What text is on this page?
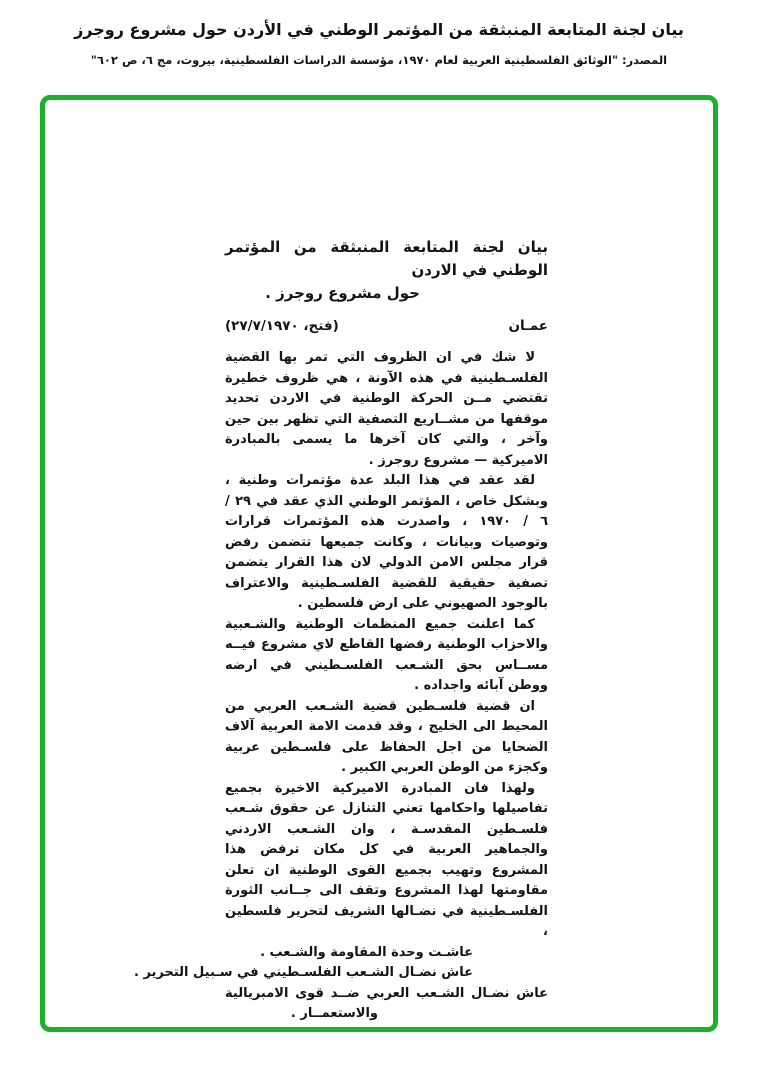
بيان لجنة المتابعة المنبثقة من المؤتمر الوطني في الأردن حول مشروع روجرز
المصدر: "الوثائق الفلسطينية العربية لعام ١٩٧٠، مؤسسة الدراسات الفلسطينية، بيروت، مج ٦، ص ٦٠٢"
بيان لجنة المتابعة المنبثقة من المؤتمر الوطني في الاردن
حول مشروع روجرز .
عمـان
(فتح، ٢٧/٧/١٩٧٠)

لا شك في ان الظروف التي تمر بها القضية الفلسـطينية في هذه الآونة ، هي ظروف خطيرة تقتضي مــن الحركة الوطنية في الاردن تحديد موقفها من مشــاريع التصفية التي تظهر بين حين وآخر ، والتي كان آخرها ما يسمى بالمبادرة الاميركية — مشروع روجرز .

لقد عقد في هذا البلد عدة مؤتمرات وطنية ، وبشكل خاص ، المؤتمر الوطني الذي عقد في ٢٩ / ٦ / ١٩٧٠ ، واصدرت هذه المؤتمرات قرارات وتوصيات وبيانات ، وكانت جميعها تتضمن رفض قرار مجلس الامن الدولي لان هذا القرار يتضمن تصفية حقيقية للقضية الفلسـطينية والاعتراف بالوجود الصهيوني على ارض فلسطين .

كما اعلنت جميع المنظمات الوطنية والشـعبية والاحزاب الوطنية رفضها القاطع لاي مشروع فيــه مســاس بحق الشـعب الفلسـطيني في ارضه ووطن آبائه واجداده .

ان قضية فلسـطين قضية الشـعب العربي من المحيط الى الخليج ، وقد قدمت الامة العربية آلاف الضحايا من اجل الحفاظ على فلسـطين عربية وكجزء من الوطن العربي الكبير .

ولهذا فان المبادرة الاميركية الاخيرة بجميع تفاصيلها واحكامها تعني التنازل عن حقوق شـعب فلسـطين المقدسـة ، وان الشـعب الاردني والجماهير العربية في كل مكان ترفض هذا المشروع وتهيب بجميع القوى الوطنية ان تعلن مقاومتها لهذا المشروع وتقف الى جــانب الثورة الفلسـطينية في نضـالها الشريف لتحرير فلسطين ،

عاشـت وحدة المقاومة والشـعب .

عاش نضـال الشـعب الفلسـطيني في سـبيل التحرير .

عاش نضـال الشـعب العربي ضــد قوى الامبريالية

والاستعمــار .
